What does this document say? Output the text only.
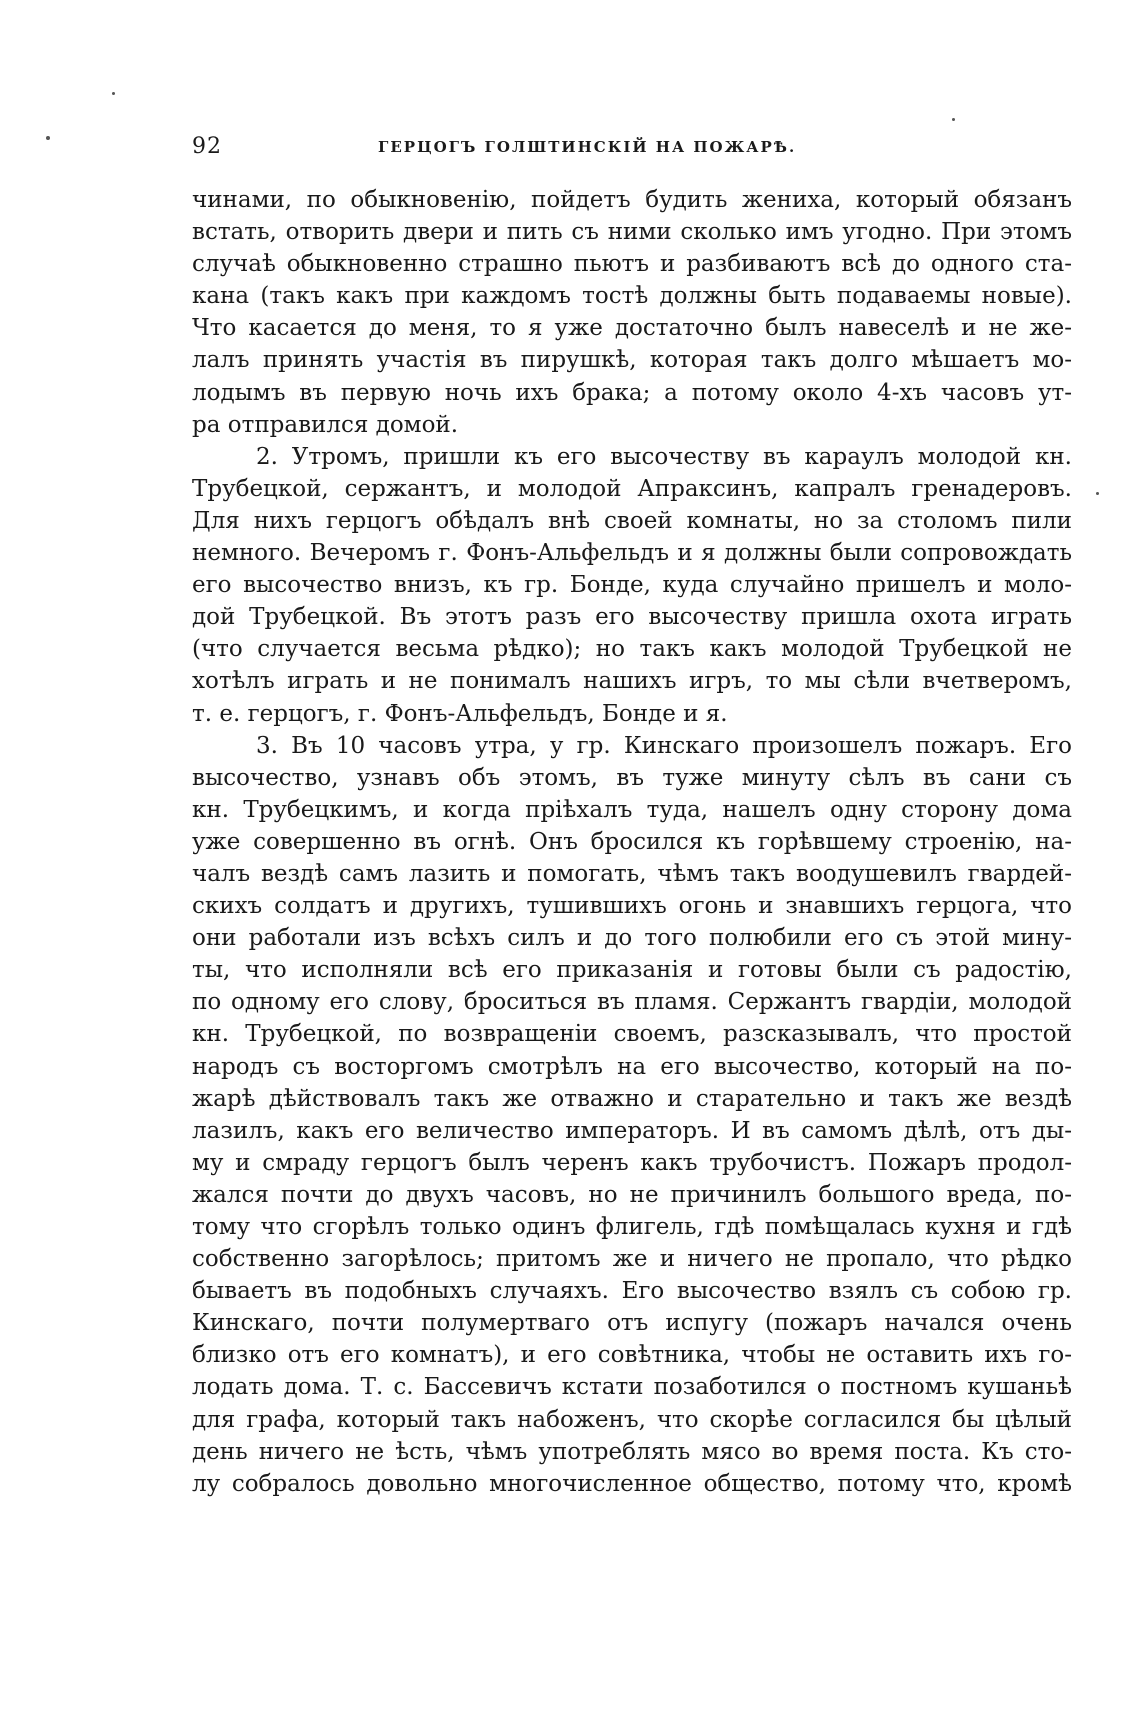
92	ГЕРЦОГЪ ГОЛШТИНСКІЙ НА ПОЖАРѢ.
чинами, по обыкновенію, пойдетъ будить жениха, который обязанъ
встать, отворить двери и пить съ ними сколько имъ угодно. При этомъ
случаѣ обыкновенно страшно пьютъ и разбиваютъ всѣ до одного ста-
кана (такъ какъ при каждомъ тостѣ должны быть подаваемы новые).
Что касается до меня, то я уже достаточно былъ навеселѣ и не же-
лалъ принять участія въ пирушкѣ, которая такъ долго мѣшаетъ мо-
лодымъ въ первую ночь ихъ брака; а потому около 4-хъ часовъ ут-
ра отправился домой.
2. Утромъ, пришли къ его высочеству въ караулъ молодой кн.
Трубецкой, сержантъ, и молодой Апраксинъ, капралъ гренадеровъ.
Для нихъ герцогъ обѣдалъ внѣ своей комнаты, но за столомъ пили
немного. Вечеромъ г. Фонъ-Альфельдъ и я должны были сопровождать
его высочество внизъ, къ гр. Бонде, куда случайно пришелъ и моло-
дой Трубецкой. Въ этотъ разъ его высочеству пришла охота играть
(что случается весьма рѣдко); но такъ какъ молодой Трубецкой не
хотѣлъ играть и не понималъ нашихъ игръ, то мы сѣли вчетверомъ,
т. е. герцогъ, г. Фонъ-Альфельдъ, Бонде и я.
3. Въ 10 часовъ утра, у гр. Кинскаго произошелъ пожаръ. Его
высочество, узнавъ объ этомъ, въ туже минуту сѣлъ въ сани съ
кн. Трубецкимъ, и когда пріѣхалъ туда, нашелъ одну сторону дома
уже совершенно въ огнѣ. Онъ бросился къ горѣвшему строенію, на-
чалъ вездѣ самъ лазить и помогать, чѣмъ такъ воодушевилъ гвардей-
скихъ солдатъ и другихъ, тушившихъ огонь и знавшихъ герцога, что
они работали изъ всѣхъ силъ и до того полюбили его съ этой мину-
ты, что исполняли всѣ его приказанія и готовы были съ радостію,
по одному его слову, броситься въ пламя. Сержантъ гвардіи, молодой
кн. Трубецкой, по возвращеніи своемъ, разсказывалъ, что простой
народъ съ восторгомъ смотрѣлъ на его высочество, который на по-
жарѣ дѣйствовалъ такъ же отважно и старательно и такъ же вездѣ
лазилъ, какъ его величество императоръ. И въ самомъ дѣлѣ, отъ ды-
му и смраду герцогъ былъ черенъ какъ трубочистъ. Пожаръ продол-
жался почти до двухъ часовъ, но не причинилъ большого вреда, по-
тому что сгорѣлъ только одинъ флигель, гдѣ помѣщалась кухня и гдѣ
собственно загорѣлось; притомъ же и ничего не пропало, что рѣдко
бываетъ въ подобныхъ случаяхъ. Его высочество взялъ съ собою гр.
Кинскаго, почти полумертваго отъ испугу (пожаръ начался очень
близко отъ его комнатъ), и его совѣтника, чтобы не оставить ихъ го-
лодать дома. Т. с. Бассевичъ кстати позаботился о постномъ кушаньѣ
для графа, который такъ набоженъ, что скорѣе согласился бы цѣлый
день ничего не ѣсть, чѣмъ употреблять мясо во время поста. Къ сто-
лу собралось довольно многочисленное общество, потому что, кромѣ
